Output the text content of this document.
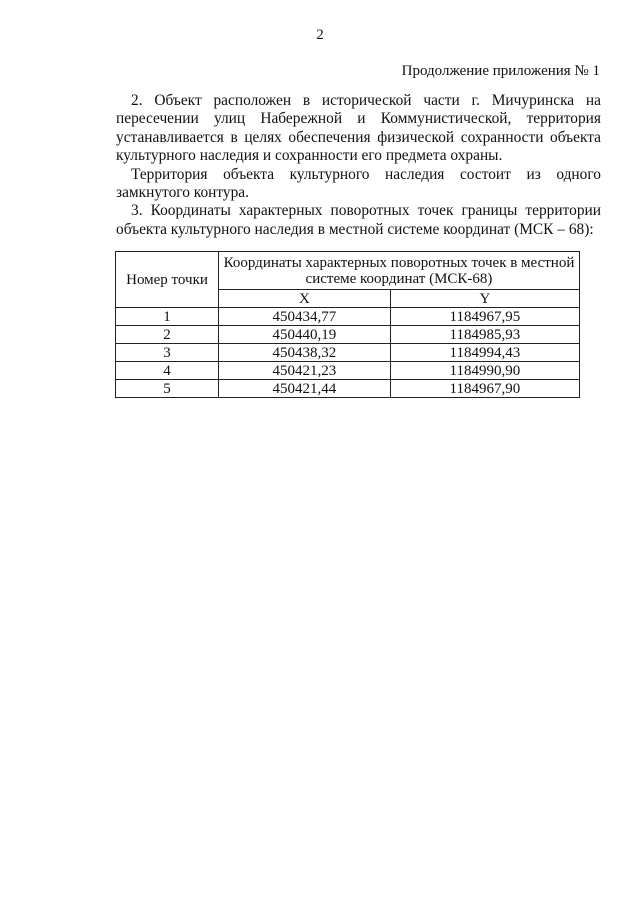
2
Продолжение приложения № 1

2. Объект расположен в исторической части г. Мичуринска на пересечении улиц Набережной и Коммунистической, территория устанавливается в целях обеспечения физической сохранности объекта культурного наследия и сохранности его предмета охраны.

Территория объекта культурного наследия состоит из одного замкнутого контура.

3. Координаты характерных поворотных точек границы территории объекта культурного наследия в местной системе координат (МСК – 68):

Номер точки	Координаты характерных поворотных точек в местной системе координат (МСК-68)	
	X	Y
1	450434,77	1184967,95
2	450440,19	1184985,93
3	450438,32	1184994,43
4	450421,23	1184990,90
5	450421,44	1184967,90
